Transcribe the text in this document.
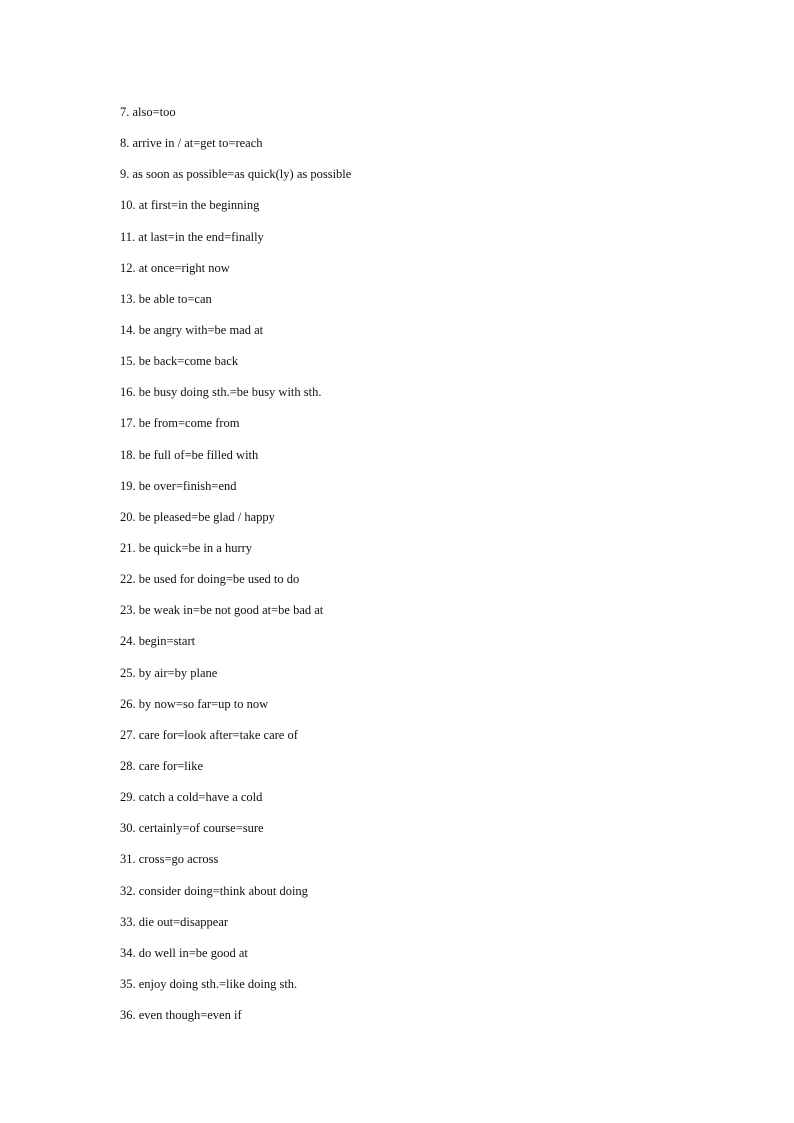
7. also=too
8. arrive in / at=get to=reach
9. as soon as possible=as quick(ly) as possible
10. at first=in the beginning
11. at last=in the end=finally
12. at once=right now
13. be able to=can
14. be angry with=be mad at
15. be back=come back
16. be busy doing sth.=be busy with sth.
17. be from=come from
18. be full of=be filled with
19. be over=finish=end
20. be pleased=be glad / happy
21. be quick=be in a hurry
22. be used for doing=be used to do
23. be weak in=be not good at=be bad at
24. begin=start
25. by air=by plane
26. by now=so far=up to now
27. care for=look after=take care of
28. care for=like
29. catch a cold=have a cold
30. certainly=of course=sure
31. cross=go across
32. consider doing=think about doing
33. die out=disappear
34. do well in=be good at
35. enjoy doing sth.=like doing sth.
36. even though=even if
